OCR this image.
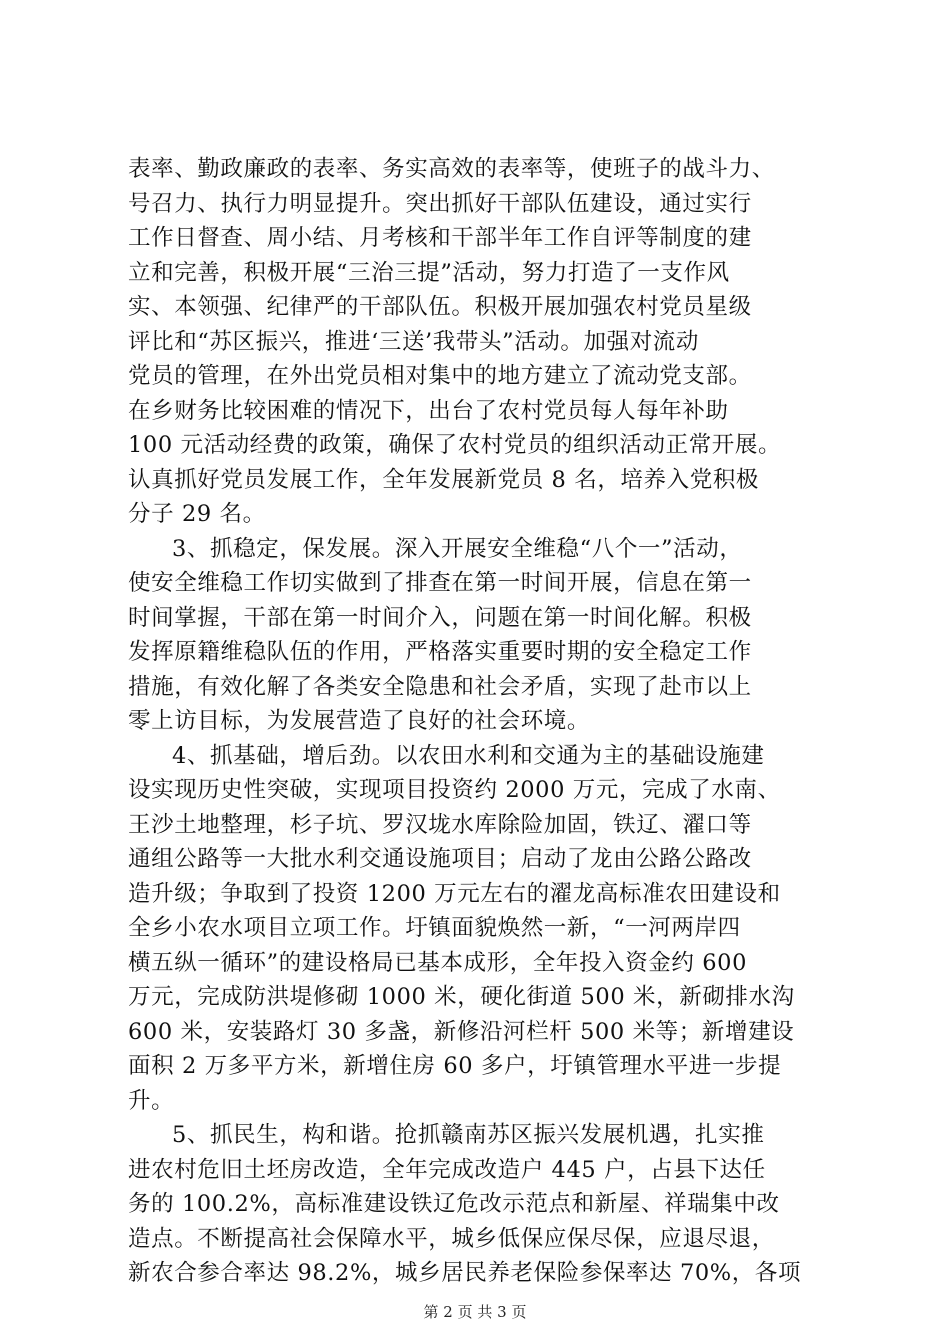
表率、勤政廉政的表率、务实高效的表率等，使班子的战斗力、
号召力、执行力明显提升。突出抓好干部队伍建设，通过实行
工作日督查、周小结、月考核和干部半年工作自评等制度的建
立和完善，积极开展“三治三提”活动，努力打造了一支作风
实、本领强、纪律严的干部队伍。积极开展加强农村党员星级
评比和“苏区振兴，推进‘三送’我带头”活动。加强对流动
党员的管理，在外出党员相对集中的地方建立了流动党支部。
在乡财务比较困难的情况下，出台了农村党员每人每年补助
100 元活动经费的政策，确保了农村党员的组织活动正常开展。
认真抓好党员发展工作，全年发展新党员 8 名，培养入党积极
分子 29 名。
3、抓稳定，保发展。深入开展安全维稳“八个一”活动，
使安全维稳工作切实做到了排查在第一时间开展，信息在第一
时间掌握，干部在第一时间介入，问题在第一时间化解。积极
发挥原籍维稳队伍的作用，严格落实重要时期的安全稳定工作
措施，有效化解了各类安全隐患和社会矛盾，实现了赴市以上
零上访目标，为发展营造了良好的社会环境。
4、抓基础，增后劲。以农田水利和交通为主的基础设施建
设实现历史性突破，实现项目投资约 2000 万元，完成了水南、
王沙土地整理，杉子坑、罗汉垅水库除险加固，铁辽、濯口等
通组公路等一大批水利交通设施项目；启动了龙由公路公路改
造升级；争取到了投资 1200 万元左右的濯龙高标准农田建设和
全乡小农水项目立项工作。圩镇面貌焕然一新，“一河两岸四
横五纵一循环”的建设格局已基本成形，全年投入资金约 600
万元，完成防洪堤修砌 1000 米，硬化街道 500 米，新砌排水沟
600 米，安装路灯 30 多盏，新修沿河栏杆 500 米等；新增建设
面积 2 万多平方米，新增住房 60 多户，圩镇管理水平进一步提
升。
5、抓民生，构和谐。抢抓赣南苏区振兴发展机遇，扎实推
进农村危旧土坯房改造，全年完成改造户 445 户，占县下达任
务的 100.2%，高标准建设铁辽危改示范点和新屋、祥瑞集中改
造点。不断提高社会保障水平，城乡低保应保尽保，应退尽退，
新农合参合率达 98.2%，城乡居民养老保险参保率达 70%，各项
第 2 页 共 3 页
